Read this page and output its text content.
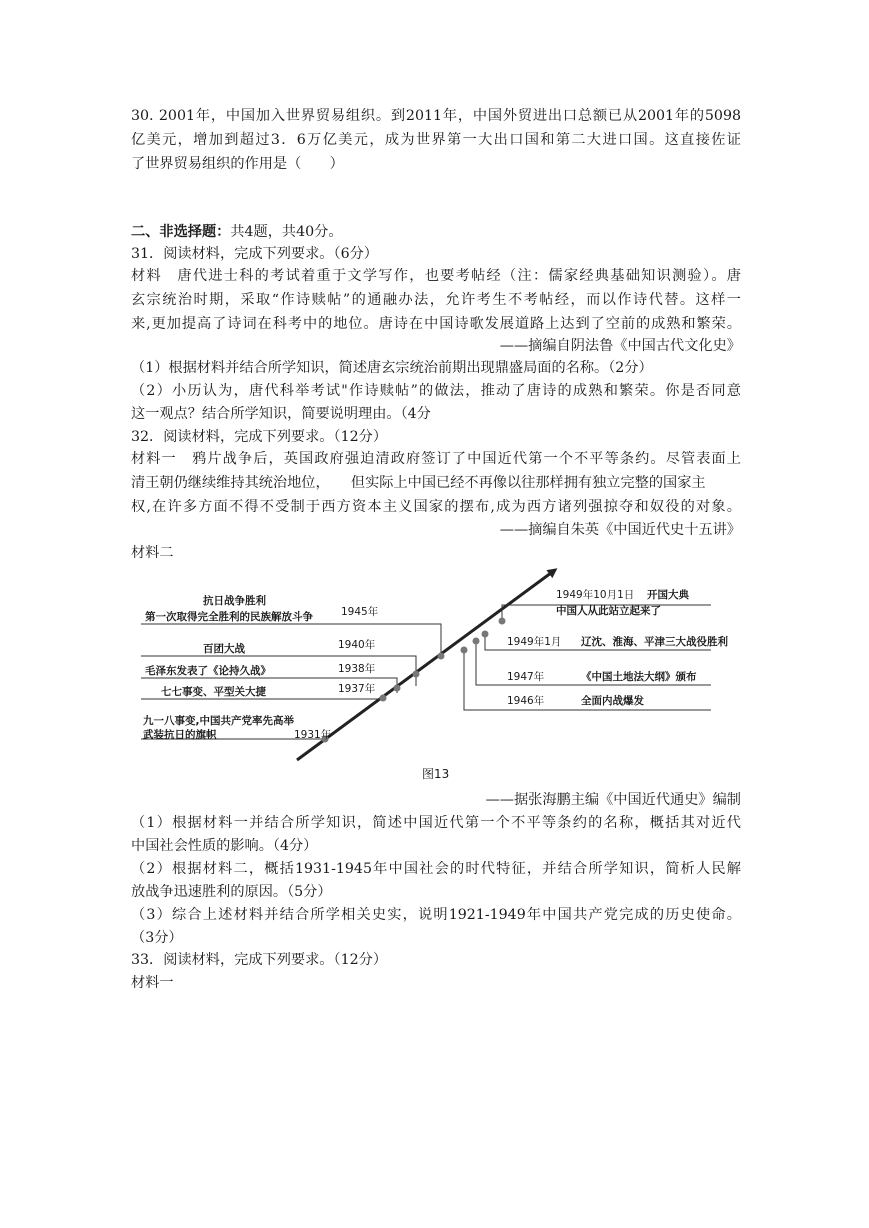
30. 2001年，中国加入世界贸易组织。到2011年，中国外贸进出口总额已从2001年的5098
亿美元，增加到超过3．6万亿美元，成为世界第一大出口国和第二大进口国。这直接佐证
了世界贸易组织的作用是（　　）
二、非选择题：共4题，共40分。
31．阅读材料，完成下列要求。（6分）
材料　唐代进士科的考试着重于文学写作，也要考帖经（注：儒家经典基础知识测验）。唐
玄宗统治时期，采取“作诗赎帖”的通融办法，允许考生不考帖经，而以作诗代替。这样一
来,更加提高了诗词在科考中的地位。唐诗在中国诗歌发展道路上达到了空前的成熟和繁荣。
——摘编自阴法鲁《中国古代文化史》
（1）根据材料并结合所学知识，简述唐玄宗统治前期出现鼎盛局面的名称。（2分）
（2）小历认为，唐代科举考试"作诗赎帖”的做法，推动了唐诗的成熟和繁荣。你是否同意
这一观点？结合所学知识，简要说明理由。（4分
32．阅读材料，完成下列要求。（12分）
材料一　鸦片战争后，英国政府强迫清政府签订了中国近代第一个不平等条约。尽管表面上
清王朝仍继续维持其统治地位，　　但实际上中国已经不再像以往那样拥有独立完整的国家主
权,在许多方面不得不受制于西方资本主义国家的摆布,成为西方诸列强掠夺和奴役的对象。
——摘编自朱英《中国近代史十五讲》
材料二
抗日战争胜利
第一次取得完全胜利的民族解放斗争	1945年
百团大战	1940年
毛泽东发表了《论持久战》	1938年
七七事变、平型关大捷	1937年
九一八事变,中国共产党率先高举
武装抗日的旗帜	1931年
1949年10月1日 开国大典
中国人从此站立起来了
1949年1月 辽沈、淮海、平津三大战役胜利
1947年	《中国土地法大纲》颁布
1946年	全面内战爆发
图13
——据张海鹏主编《中国近代通史》编制
（1）根据材料一并结合所学知识，简述中国近代第一个不平等条约的名称，概括其对近代
中国社会性质的影响。（4分）
（2）根据材料二，概括1931-1945年中国社会的时代特征，并结合所学知识，简析人民解
放战争迅速胜利的原因。（5分）
（3）综合上述材料并结合所学相关史实，说明1921-1949年中国共产党完成的历史使命。
（3分）
33．阅读材料，完成下列要求。（12分）
材料一
